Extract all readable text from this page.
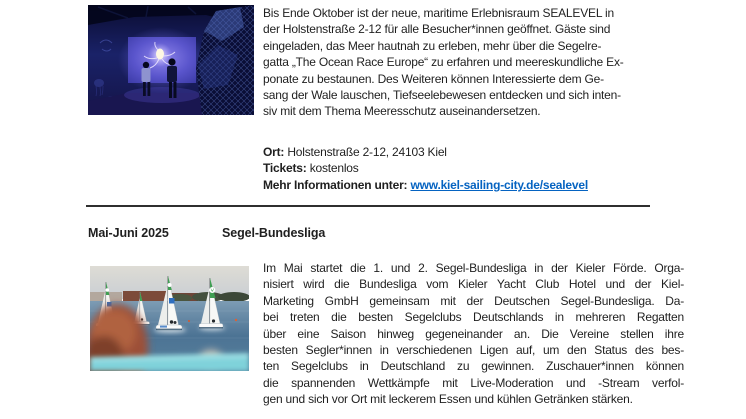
Bis Ende Oktober ist der neue, maritime Erlebnisraum SEALEVEL in
der Holstenstraße 2-12 für alle Besucher*innen geöffnet. Gäste sind
eingeladen, das Meer hautnah zu erleben, mehr über die Segelre-
gatta „The Ocean Race Europe“ zu erfahren und meereskundliche Ex-
ponate zu bestaunen. Des Weiteren können Interessierte dem Ge-
sang der Wale lauschen, Tiefseelebewesen entdecken und sich inten-
siv mit dem Thema Meeresschutz auseinandersetzen.
Ort: Holstenstraße 2-12, 24103 Kiel
Tickets: kostenlos
Mehr Informationen unter: www.kiel-sailing-city.de/sealevel
Mai-Juni 2025	Segel-Bundesliga
Im Mai startet die 1. und 2. Segel-Bundesliga in der Kieler Förde. Orga-
nisiert wird die Bundesliga vom Kieler Yacht Club Hotel und der Kiel-
Marketing GmbH gemeinsam mit der Deutschen Segel-Bundesliga. Da-
bei treten die besten Segelclubs Deutschlands in mehreren Regatten
über eine Saison hinweg gegeneinander an. Die Vereine stellen ihre
besten Segler*innen in verschiedenen Ligen auf, um den Status des bes-
ten Segelclubs in Deutschland zu gewinnen. Zuschauer*innen können
die spannenden Wettkämpfe mit Live-Moderation und -Stream verfol-
gen und sich vor Ort mit leckerem Essen und kühlen Getränken stärken.
